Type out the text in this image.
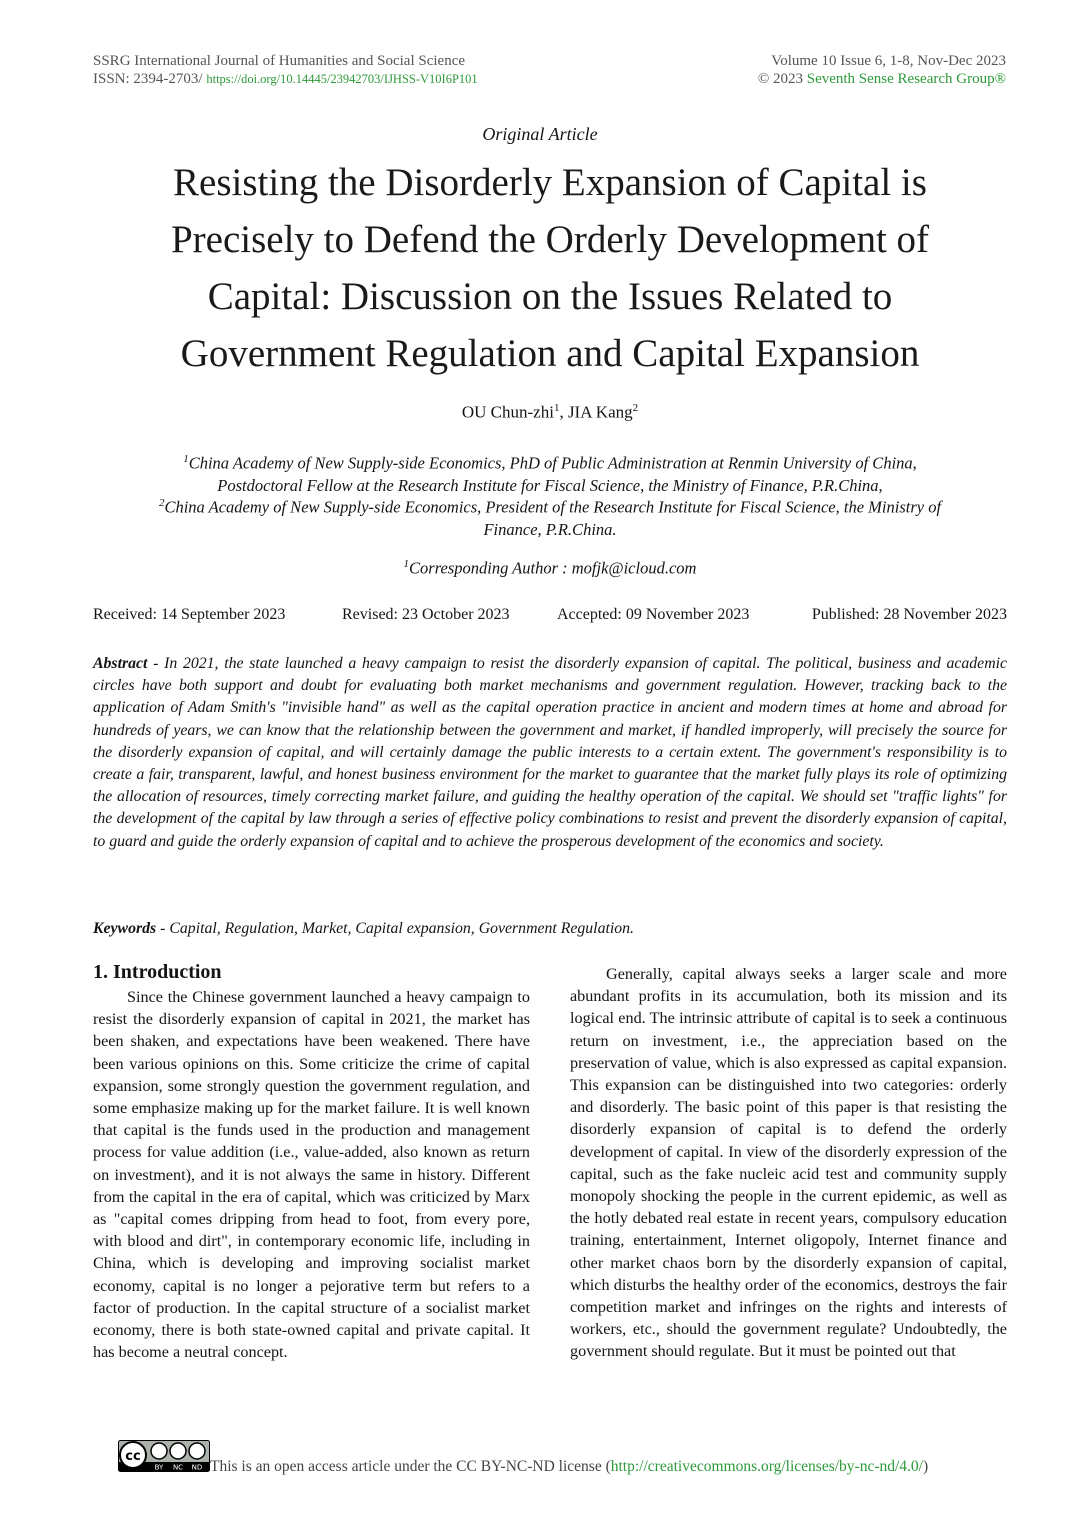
SSRG International Journal of Humanities and Social Science
ISSN: 2394-2703/ https://doi.org/10.14445/23942703/IJHSS-V10I6P101
Volume 10 Issue 6, 1-8, Nov-Dec 2023
© 2023 Seventh Sense Research Group®
Original Article
Resisting the Disorderly Expansion of Capital is
Precisely to Defend the Orderly Development of
Capital: Discussion on the Issues Related to
Government Regulation and Capital Expansion
OU Chun-zhi$^1$, JIA Kang$^2$
$^1$China Academy of New Supply-side Economics, PhD of Public Administration at Renmin University of China,
Postdoctoral Fellow at the Research Institute for Fiscal Science, the Ministry of Finance, P.R.China,
$^2$China Academy of New Supply-side Economics, President of the Research Institute for Fiscal Science, the Ministry of
Finance, P.R.China.
$^1$Corresponding Author : mofjk@icloud.com
Received: 14 September 2023	Revised: 23 October 2023	Accepted: 09 November 2023	Published: 28 November 2023
Abstract - In 2021, the state launched a heavy campaign to resist the disorderly expansion of capital. The political, business and academic circles have both support and doubt for evaluating both market mechanisms and government regulation. However, tracking back to the application of Adam Smith's "invisible hand" as well as the capital operation practice in ancient and modern times at home and abroad for hundreds of years, we can know that the relationship between the government and market, if handled improperly, will precisely the source for the disorderly expansion of capital, and will certainly damage the public interests to a certain extent. The government's responsibility is to create a fair, transparent, lawful, and honest business environment for the market to guarantee that the market fully plays its role of optimizing the allocation of resources, timely correcting market failure, and guiding the healthy operation of the capital. We should set "traffic lights" for the development of the capital by law through a series of effective policy combinations to resist and prevent the disorderly expansion of capital, to guard and guide the orderly expansion of capital and to achieve the prosperous development of the economics and society.
Keywords - Capital, Regulation, Market, Capital expansion, Government Regulation.
1. Introduction
Since the Chinese government launched a heavy campaign to resist the disorderly expansion of capital in 2021, the market has been shaken, and expectations have been weakened. There have been various opinions on this. Some criticize the crime of capital expansion, some strongly question the government regulation, and some emphasize making up for the market failure. It is well known that capital is the funds used in the production and management process for value addition (i.e., value-added, also known as return on investment), and it is not always the same in history. Different from the capital in the era of capital, which was criticized by Marx as "capital comes dripping from head to foot, from every pore, with blood and dirt", in contemporary economic life, including in China, which is developing and improving socialist market economy, capital is no longer a pejorative term but refers to a factor of production. In the capital structure of a socialist market economy, there is both state-owned capital and private capital. It has become a neutral concept.
Generally, capital always seeks a larger scale and more abundant profits in its accumulation, both its mission and its logical end. The intrinsic attribute of capital is to seek a continuous return on investment, i.e., the appreciation based on the preservation of value, which is also expressed as capital expansion. This expansion can be distinguished into two categories: orderly and disorderly. The basic point of this paper is that resisting the disorderly expansion of capital is to defend the orderly development of capital. In view of the disorderly expression of the capital, such as the fake nucleic acid test and community supply monopoly shocking the people in the current epidemic, as well as the hotly debated real estate in recent years, compulsory education training, entertainment, Internet oligopoly, Internet finance and other market chaos born by the disorderly expansion of capital, which disturbs the healthy order of the economics, destroys the fair competition market and infringes on the rights and interests of workers, etc., should the government regulate? Undoubtedly, the government should regulate. But it must be pointed out that
cc
BY NC ND This is an open access article under the CC BY-NC-ND license (http://creativecommons.org/licenses/by-nc-nd/4.0/)
